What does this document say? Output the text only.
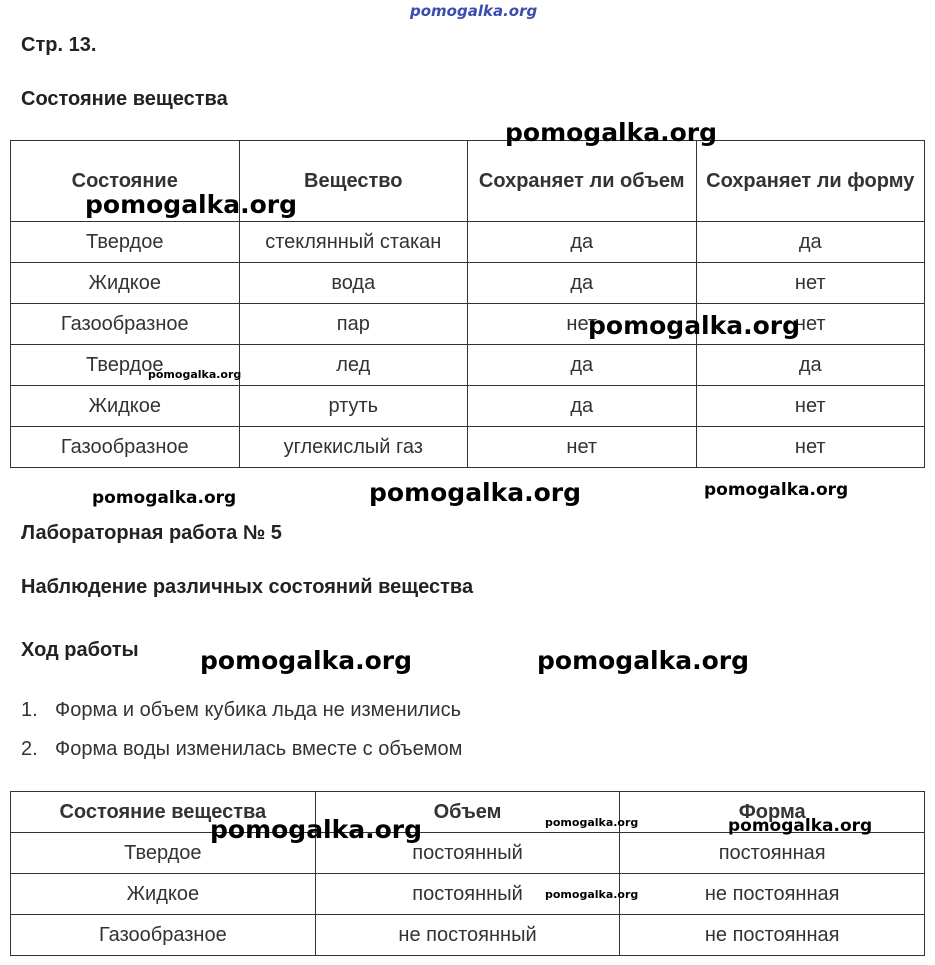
pomogalka.org
Стр. 13.
Состояние вещества
Состояние	Вещество	Сохраняет ли объем	Сохраняет ли форму
Твердое	стеклянный стакан	да	да
Жидкое	вода	да	нет
Газообразное	пар	нет	нет
Твердое	лед	да	да
Жидкое	ртуть	да	нет
Газообразное	углекислый газ	нет	нет
Лабораторная работа № 5
Наблюдение различных состояний вещества
Ход работы
1. Форма и объем кубика льда не изменились
2. Форма воды изменилась вместе с объемом
Состояние вещества	Объем	Форма
Твердое	постоянный	постоянная
Жидкое	постоянный	не постоянная
Газообразное	не постоянный	не постоянная
pomogalka.org
pomogalka.org
pomogalka.org
pomogalka.org
pomogalka.org	pomogalka.org	pomogalka.org
pomogalka.org	pomogalka.org
pomogalka.org	pomogalka.org	pomogalka.org
pomogalka.org
